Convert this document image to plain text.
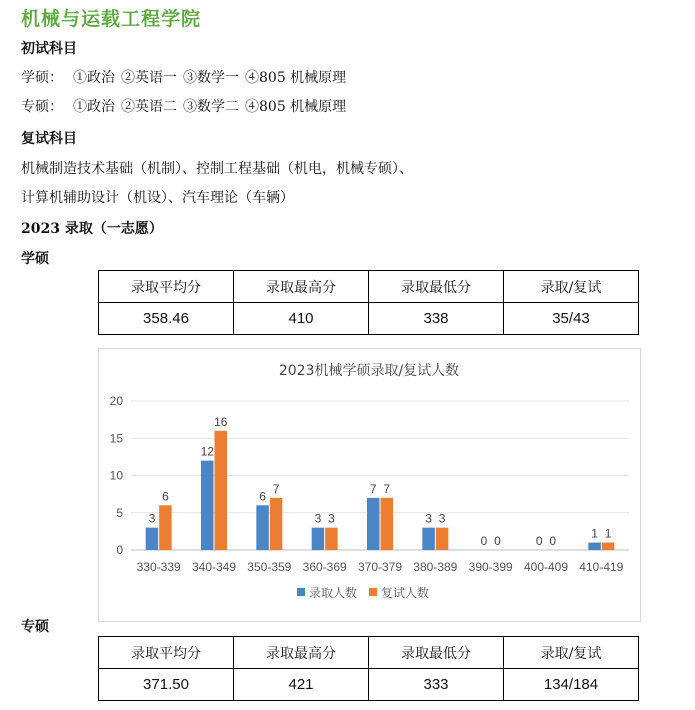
机械与运载工程学院
初试科目
学硕： ①政治 ②英语一 ③数学一 ④805 机械原理
专硕： ①政治 ②英语二 ③数学二 ④805 机械原理
复试科目
机械制造技术基础（机制）、控制工程基础（机电，机械专硕）、
计算机辅助设计（机设）、汽车理论（车辆）
2023 录取（一志愿）
学硕
录取平均分	录取最高分	录取最低分	录取/复试
358.46	410	338	35/43
2023机械学硕录取/复试人数
0
5
10
15
20
3
6
12
16
6
7
3 3
7 7
3 3
0 0	0 0
1 1
330-339 340-349 350-359 360-369 370-379 380-389 390-399 400-409 410-419
录取人数 复试人数
专硕
录取平均分	录取最高分	录取最低分	录取/复试
371.50	421	333	134/184
